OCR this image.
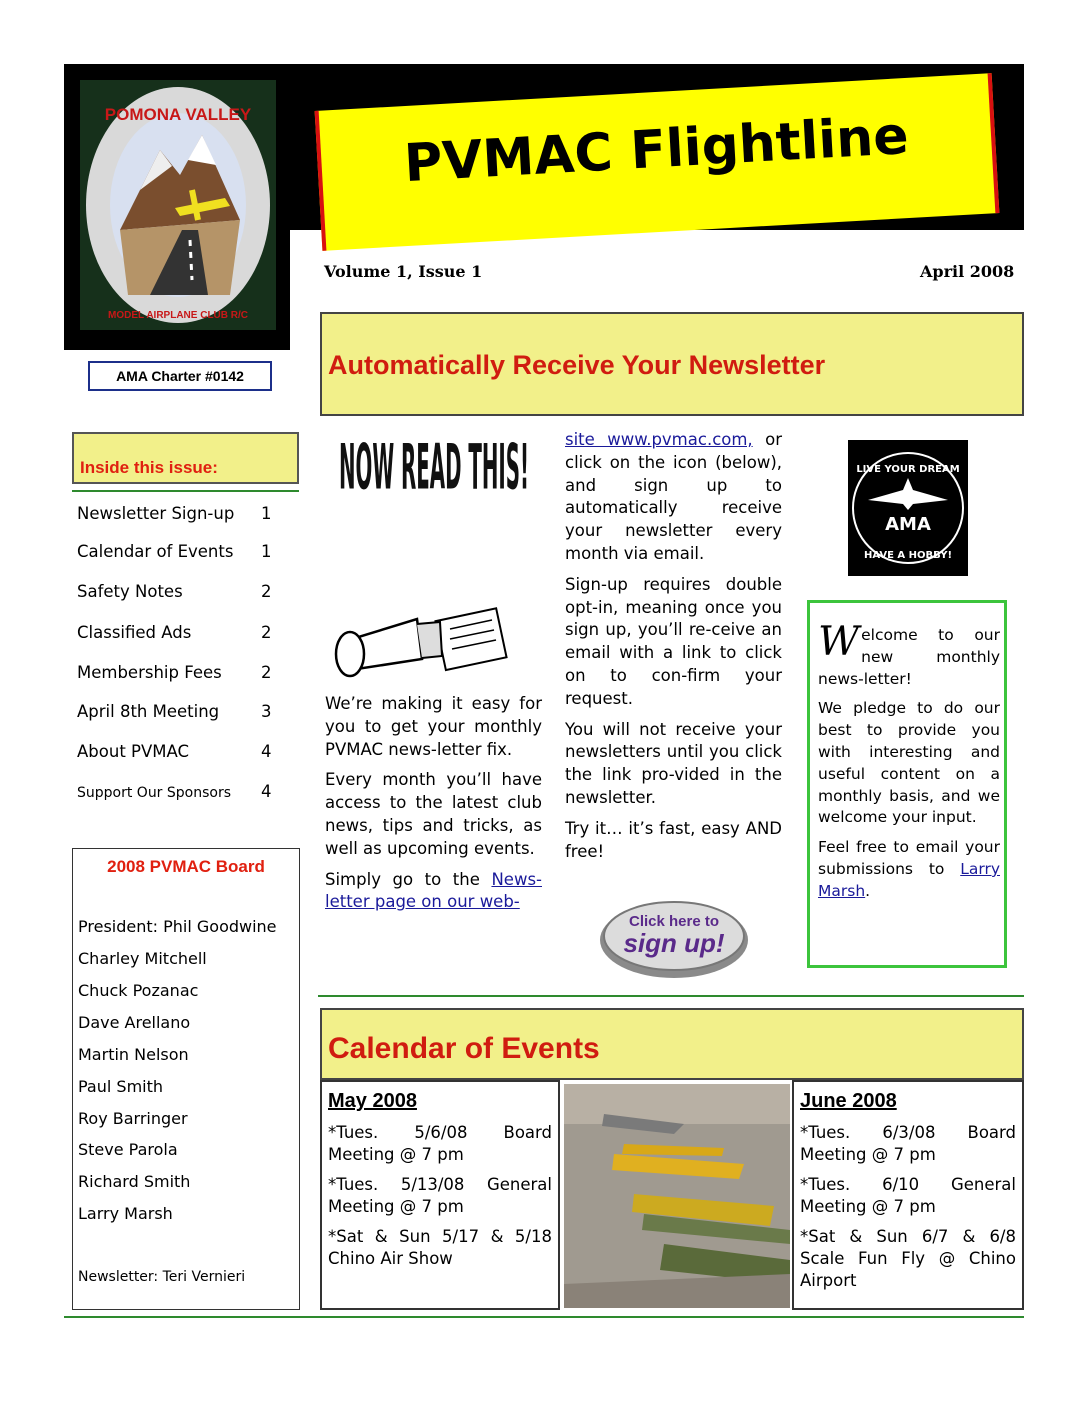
POMONA VALLEY
MODEL AIRPLANE CLUB R/C
PVMAC Flightline
Volume 1, Issue 1	April 2008
AMA Charter #0142
Inside this issue:
Newsletter Sign-up 1
Calendar of Events 1
Safety Notes	2
Classified Ads	2
Membership Fees 2
April 8th Meeting	3
About PVMAC	4
Support Our Sponsors 4
2008 PVMAC Board
President: Phil Goodwine
Charley Mitchell
Chuck Pozanac
Dave Arellano
Martin Nelson
Paul Smith
Roy Barringer
Steve Parola
Richard Smith
Larry Marsh
Newsletter: Teri Vernieri
Automatically Receive Your Newsletter
NOW READ THIS!

We’re making it easy for you to get your monthly PVMAC news-letter fix.

Every month you’ll have access to the latest club news, tips and tricks, as well as upcoming events.

Simply go to the News-letter page on our web-

site www.pvmac.com, or click on the icon (below), and sign up to automatically receive your newsletter every month via email.

Sign-up requires double opt-in, meaning once you sign up, you’ll re-ceive an email with a link to click on to con-firm your request.

You will not receive your newsletters until you click the link pro-vided in the newsletter.

Try it… it’s fast, easy AND free!

LIVE YOUR DREAM
AMA
HAVE A HOBBY!
Click here to
sign up!

Welcome to our new monthly news-letter!

We pledge to do our best to provide you with interesting and useful content on a monthly basis, and we welcome your input.

Feel free to email your submissions to Larry Marsh.

Calendar of Events
May 2008

*Tues. 5/6/08 Board Meeting @ 7 pm

*Tues. 5/13/08 General Meeting @ 7 pm

*Sat & Sun 5/17 & 5/18 Chino Air Show

June 2008

*Tues. 6/3/08 Board Meeting @ 7 pm

*Tues. 6/10 General Meeting @ 7 pm

*Sat & Sun 6/7 & 6/8 Scale Fun Fly @ Chino Airport
